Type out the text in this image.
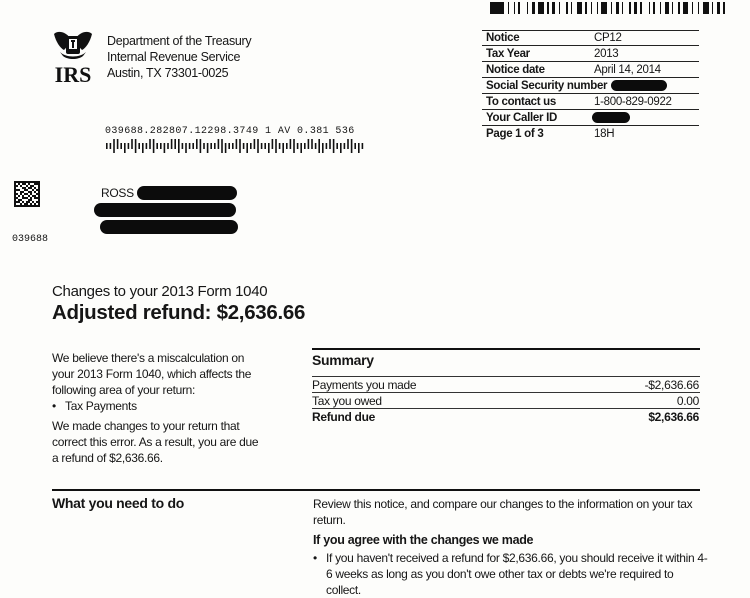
IRS
Department of the Treasury
Internal Revenue Service
Austin, TX 73301-0025
Notice	CP12
Tax Year	2013
Notice date	April 14, 2014
Social Security number
To contact us	1-800-829-0922
Your Caller ID
Page 1 of 3	18H
039688.282807.12298.3749 1 AV 0.381 536
039688
ROSS
Changes to your 2013 Form 1040
Adjusted refund: $2,636.66

We believe there's a miscalculation on your 2013 Form 1040, which affects the following area of your return:

• Tax Payments

We made changes to your return that correct this error. As a result, you are due a refund of $2,636.66.

Summary
Payments you made	-$2,636.66
Tax you owed	0.00
Refund due	$2,636.66
What you need to do	Review this notice, and compare our changes to the information on your tax return.

If you agree with the changes we made

• If you haven't received a refund for $2,636.66, you should receive it within 4-6 weeks as long as you don't owe other tax or debts we're required to collect.
